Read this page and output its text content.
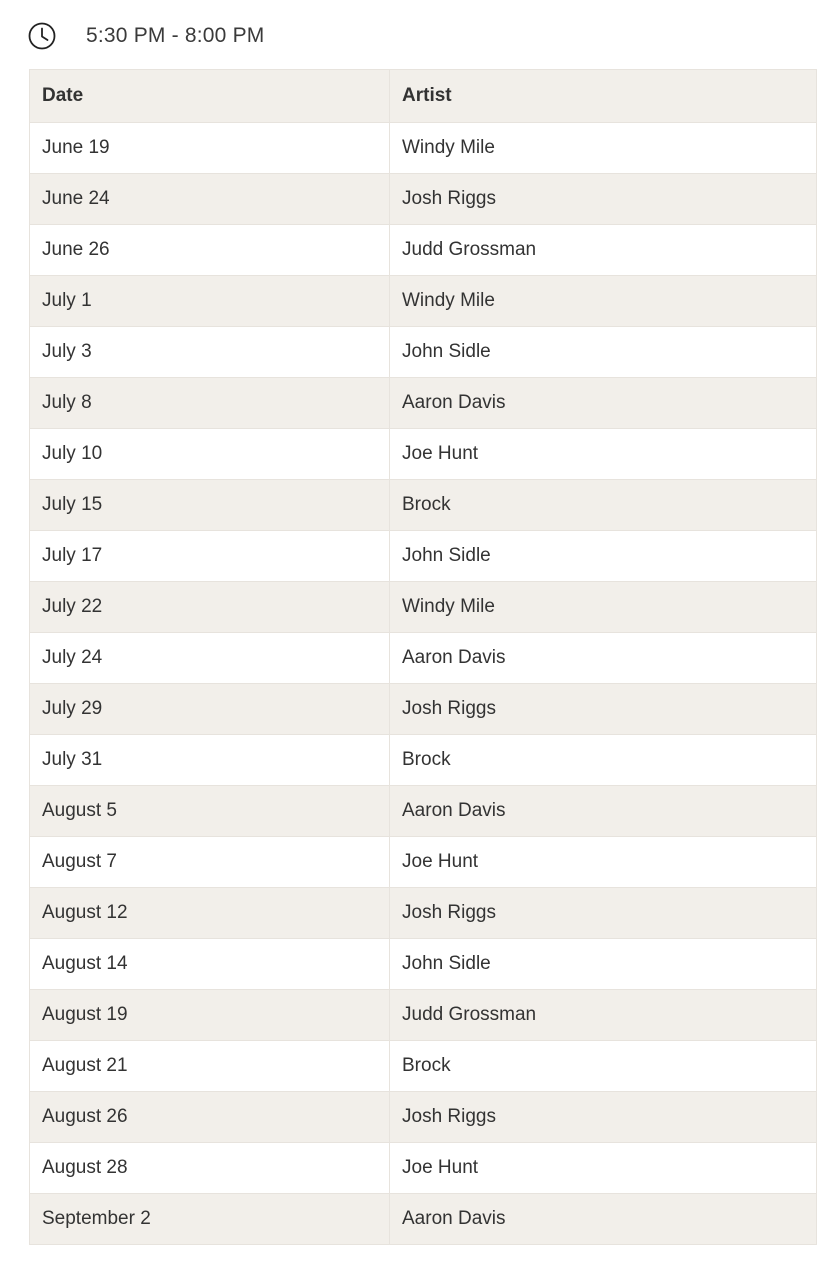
5:30 PM - 8:00 PM
Date	Artist
June 19	Windy Mile
June 24	Josh Riggs
June 26	Judd Grossman
July 1	Windy Mile
July 3	John Sidle
July 8	Aaron Davis
July 10	Joe Hunt
July 15	Brock
July 17	John Sidle
July 22	Windy Mile
July 24	Aaron Davis
July 29	Josh Riggs
July 31	Brock
August 5	Aaron Davis
August 7	Joe Hunt
August 12	Josh Riggs
August 14	John Sidle
August 19	Judd Grossman
August 21	Brock
August 26	Josh Riggs
August 28	Joe Hunt
September 2	Aaron Davis
